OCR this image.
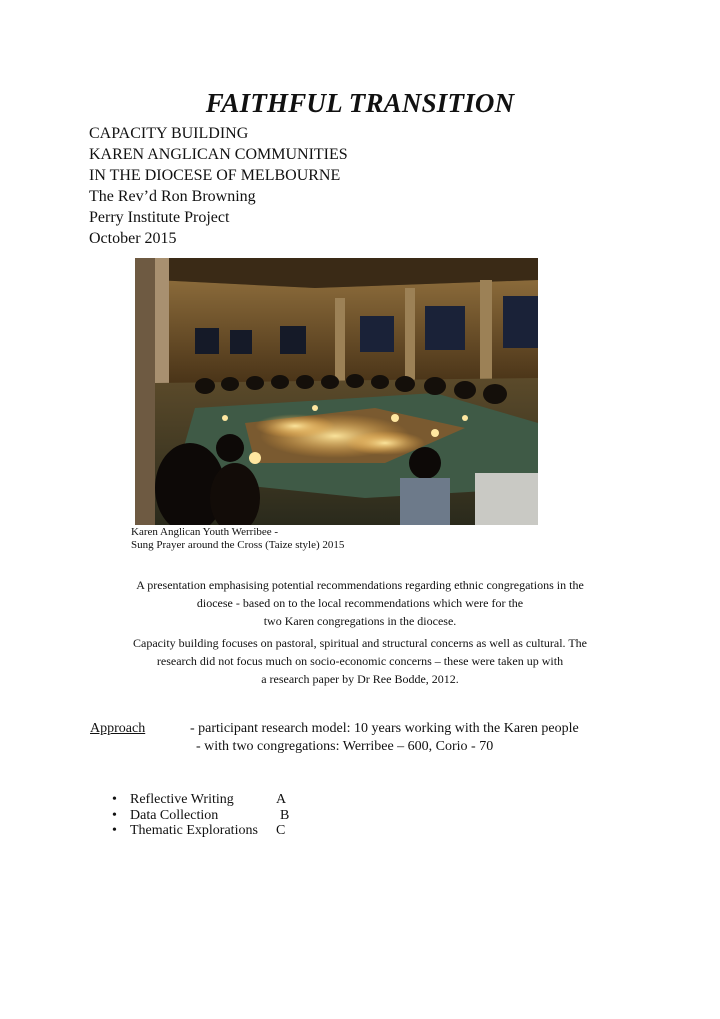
FAITHFUL TRANSITION
CAPACITY BUILDING
KAREN ANGLICAN COMMUNITIES
IN THE DIOCESE OF MELBOURNE
The Rev’d Ron Browning
Perry Institute Project
October 2015
Karen Anglican Youth Werribee -
Sung Prayer around the Cross (Taize style) 2015
A presentation emphasising potential recommendations regarding ethnic congregations in the
diocese - based on to the local recommendations which were for the
two Karen congregations in the diocese.
Capacity building focuses on pastoral, spiritual and structural concerns as well as cultural. The
research did not focus much on socio-economic concerns – these were taken up with
a research paper by Dr Ree Bodde, 2012.
Approach	- participant research model: 10 years working with the Karen people
- with two congregations: Werribee – 600, Corio - 70
• Reflective Writing	A
• Data Collection	B
• Thematic Explorations	C
